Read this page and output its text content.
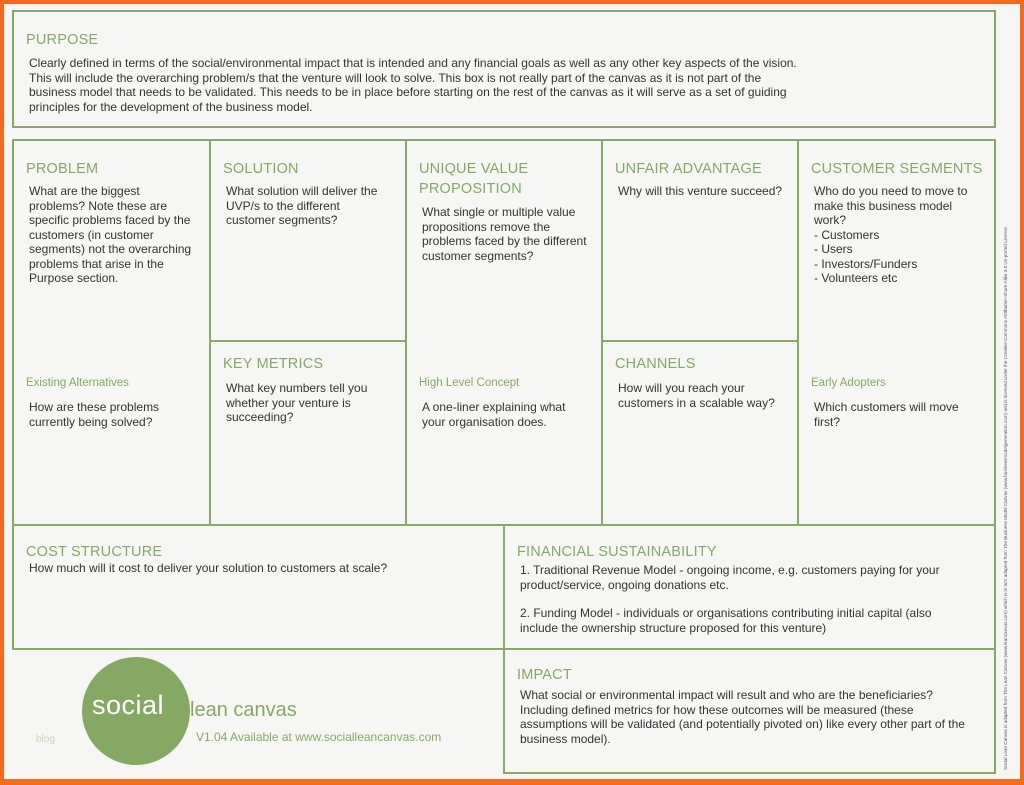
PURPOSE
Clearly defined in terms of the social/environmental impact that is intended and any financial goals as well as any other key aspects of the vision.
This will include the overarching problem/s that the venture will look to solve. This box is not really part of the canvas as it is not part of the
business model that needs to be validated. This needs to be in place before starting on the rest of the canvas as it will serve as a set of guiding
principles for the development of the business model.
PROBLEM
What are the biggest
problems? Note these are
specific problems faced by the
customers (in customer
segments) not the overarching
problems that arise in the
Purpose section.
Existing Alternatives
How are these problems
currently being solved?
SOLUTION
What solution will deliver the
UVP/s to the different
customer segments?
KEY METRICS
What key numbers tell you
whether your venture is
succeeding?
UNIQUE VALUE
PROPOSITION
What single or multiple value
propositions remove the
problems faced by the different
customer segments?
High Level Concept
A one-liner explaining what
your organisation does.
UNFAIR ADVANTAGE
Why will this venture succeed?
CHANNELS
How will you reach your
customers in a scalable way?
CUSTOMER SEGMENTS
Who do you need to move to
make this business model
work?
- Customers
- Users
- Investors/Funders
- Volunteers etc
Early Adopters
Which customers will move
first?
COST STRUCTURE
How much will it cost to deliver your solution to customers at scale?
FINANCIAL SUSTAINABILITY
1. Traditional Revenue Model - ongoing income, e.g. customers paying for your
product/service, ongoing donations etc.
2. Funding Model - individuals or organisations contributing initial capital (also
include the ownership structure proposed for this venture)
IMPACT
What social or environmental impact will result and who are the beneficiaries?
Including defined metrics for how these outcomes will be measured (these
assumptions will be validated (and potentially pivoted on) like every other part of the
business model).
social lean canvas
V1.04 Available at www.socialleancanvas.com
blog	Social Lean Canvas is adapted from The Lean Canvas (www.leancanvas.com) which is in turn adapted from The Business Model Canvas (www.businessmodelgeneration.com) and is licensed under the Creative Commons Attribution-Share Alike 3.0 Un-ported License
